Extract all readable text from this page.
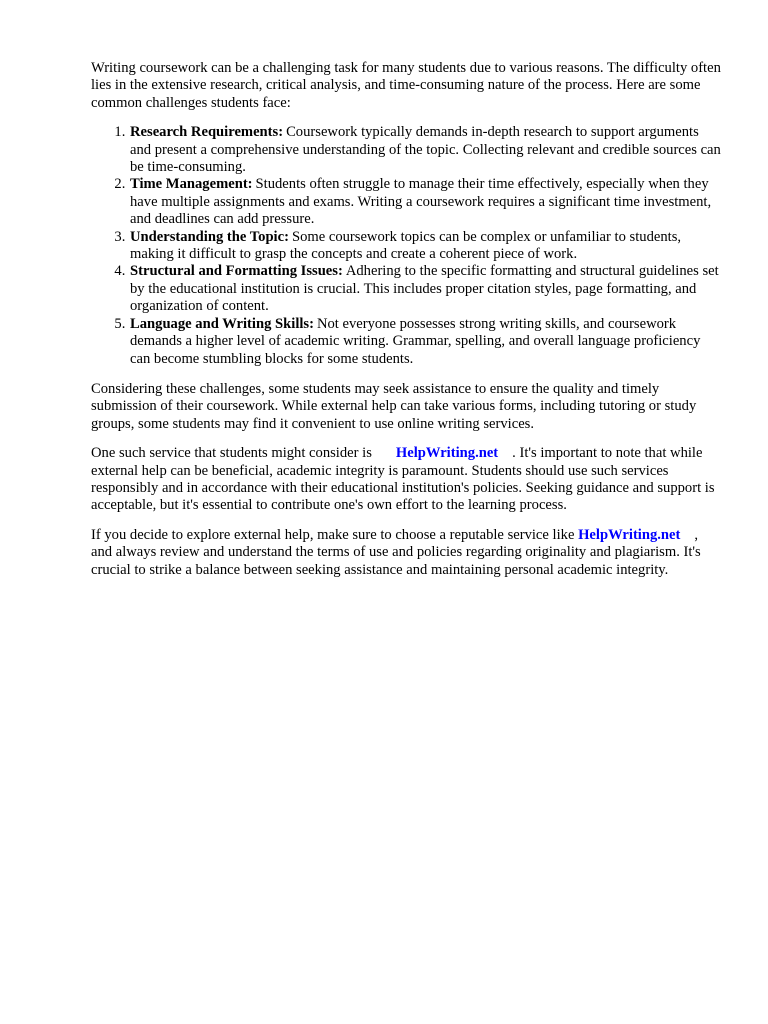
Writing coursework can be a challenging task for many students due to various reasons. The difficulty often lies in the extensive research, critical analysis, and time-consuming nature of the process. Here are some common challenges students face:

1. Research Requirements: Coursework typically demands in-depth research to support arguments and present a comprehensive understanding of the topic. Collecting relevant and credible sources can be time-consuming.
2. Time Management: Students often struggle to manage their time effectively, especially when they have multiple assignments and exams. Writing a coursework requires a significant time investment, and deadlines can add pressure.
3. Understanding the Topic: Some coursework topics can be complex or unfamiliar to students, making it difficult to grasp the concepts and create a coherent piece of work.
4. Structural and Formatting Issues: Adhering to the specific formatting and structural guidelines set by the educational institution is crucial. This includes proper citation styles, page formatting, and organization of content.
5. Language and Writing Skills: Not everyone possesses strong writing skills, and coursework demands a higher level of academic writing. Grammar, spelling, and overall language proficiency can become stumbling blocks for some students.

Considering these challenges, some students may seek assistance to ensure the quality and timely submission of their coursework. While external help can take various forms, including tutoring or study groups, some students may find it convenient to use online writing services.

One such service that students might consider is HelpWriting.net . It's important to note that while external help can be beneficial, academic integrity is paramount. Students should use such services responsibly and in accordance with their educational institution's policies. Seeking guidance and support is acceptable, but it's essential to contribute one's own effort to the learning process.

If you decide to explore external help, make sure to choose a reputable service like HelpWriting.net , and always review and understand the terms of use and policies regarding originality and plagiarism. It's crucial to strike a balance between seeking assistance and maintaining personal academic integrity.
